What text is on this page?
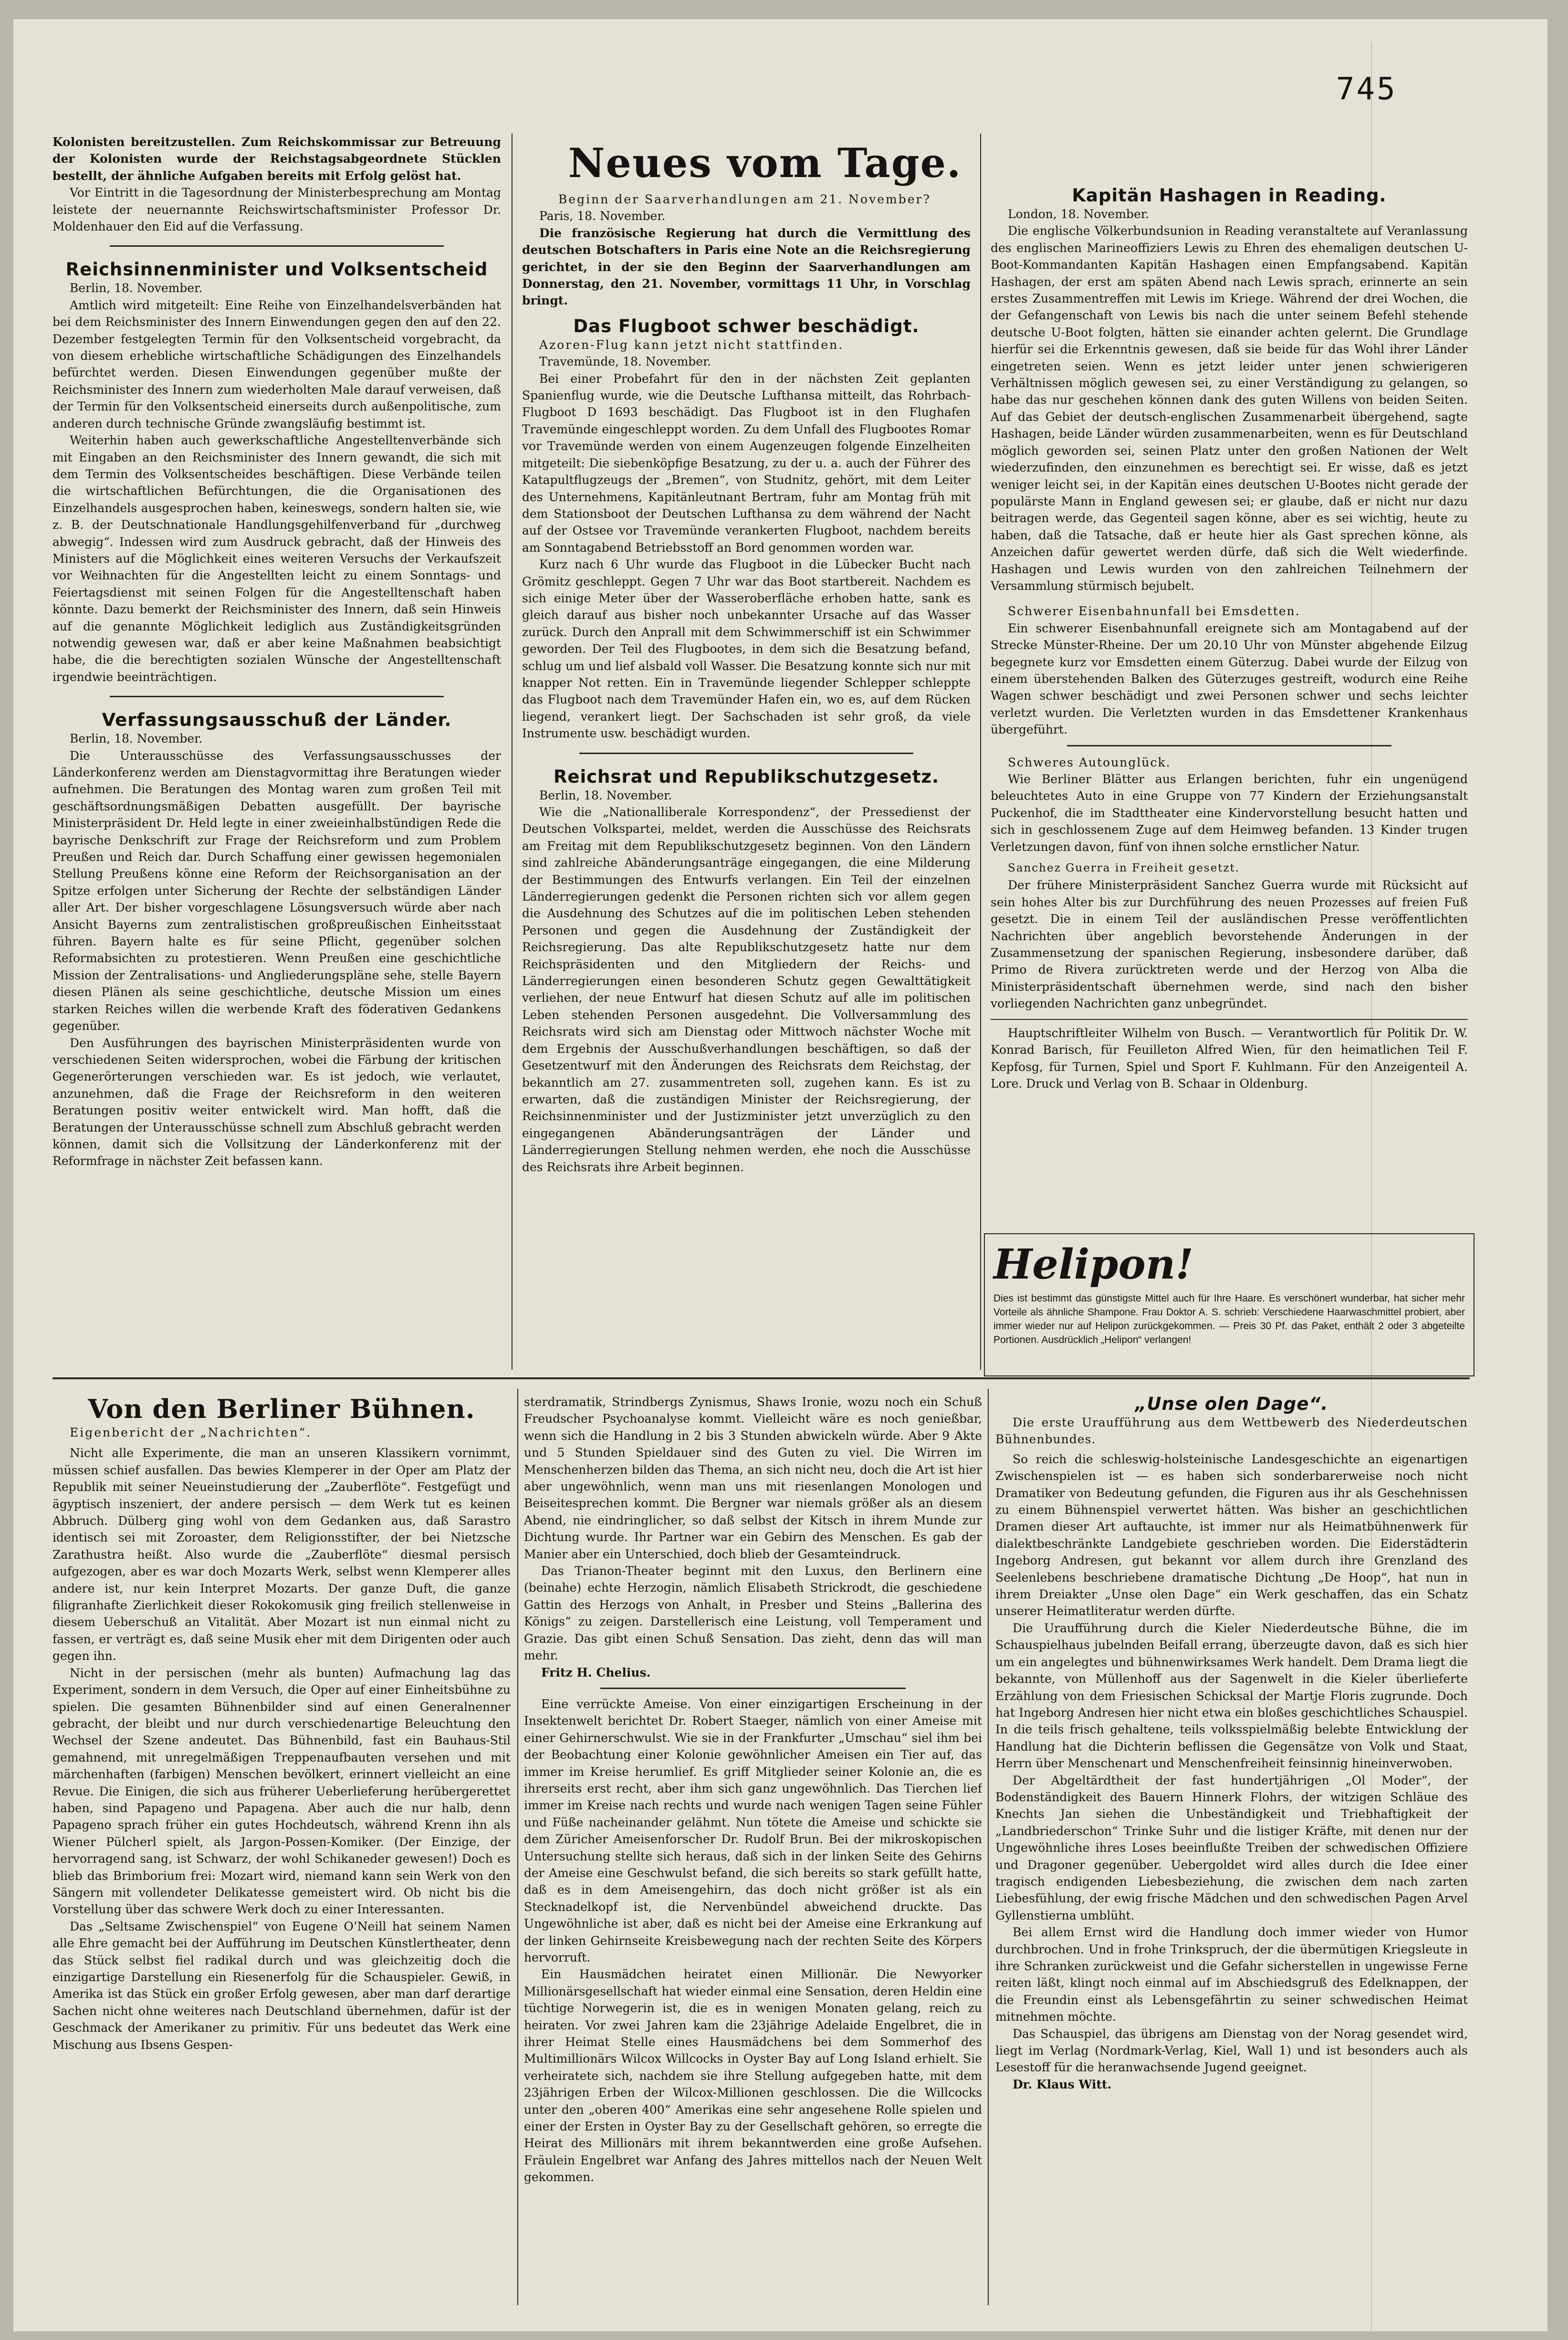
745

Kolonisten bereitzustellen. Zum Reichskommissar zur Betreuung der Kolonisten wurde der Reichstagsabgeordnete Stücklen bestellt, der ähnliche Aufgaben bereits mit Erfolg gelöst hat.

Vor Eintritt in die Tagesordnung der Ministerbesprechung am Montag leistete der neuernannte Reichswirtschaftsminister Professor Dr. Moldenhauer den Eid auf die Verfassung.

Reichsinnenminister und Volksentscheid

Berlin, 18. November.

Amtlich wird mitgeteilt: Eine Reihe von Einzelhandelsverbänden hat bei dem Reichsminister des Innern Einwendungen gegen den auf den 22. Dezember festgelegten Termin für den Volksentscheid vorgebracht, da von diesem erhebliche wirtschaftliche Schädigungen des Einzelhandels befürchtet werden. Diesen Einwendungen gegenüber mußte der Reichsminister des Innern zum wiederholten Male darauf verweisen, daß der Termin für den Volksentscheid einerseits durch außenpolitische, zum anderen durch technische Gründe zwangsläufig bestimmt ist.

Weiterhin haben auch gewerkschaftliche Angestelltenverbände sich mit Eingaben an den Reichsminister des Innern gewandt, die sich mit dem Termin des Volksentscheides beschäftigen. Diese Verbände teilen die wirtschaftlichen Befürchtungen, die die Organisationen des Einzelhandels ausgesprochen haben, keineswegs, sondern halten sie, wie z. B. der Deutschnationale Handlungsgehilfenverband für „durchweg abwegig“. Indessen wird zum Ausdruck gebracht, daß der Hinweis des Ministers auf die Möglichkeit eines weiteren Versuchs der Verkaufszeit vor Weihnachten für die Angestellten leicht zu einem Sonntags- und Feiertagsdienst mit seinen Folgen für die Angestelltenschaft haben könnte. Dazu bemerkt der Reichsminister des Innern, daß sein Hinweis auf die genannte Möglichkeit lediglich aus Zuständigkeitsgründen notwendig gewesen war, daß er aber keine Maßnahmen beabsichtigt habe, die die berechtigten sozialen Wünsche der Angestelltenschaft irgendwie beeinträchtigen.

Verfassungsausschuß der Länder.

Berlin, 18. November.

Die Unterausschüsse des Verfassungsausschusses der Länderkonferenz werden am Dienstagvormittag ihre Beratungen wieder aufnehmen. Die Beratungen des Montag waren zum großen Teil mit geschäftsordnungsmäßigen Debatten ausgefüllt. Der bayrische Ministerpräsident Dr. Held legte in einer zweieinhalbstündigen Rede die bayrische Denkschrift zur Frage der Reichsreform und zum Problem Preußen und Reich dar. Durch Schaffung einer gewissen hegemonialen Stellung Preußens könne eine Reform der Reichsorganisation an der Spitze erfolgen unter Sicherung der Rechte der selbständigen Länder aller Art. Der bisher vorgeschlagene Lösungsversuch würde aber nach Ansicht Bayerns zum zentralistischen großpreußischen Einheitsstaat führen. Bayern halte es für seine Pflicht, gegenüber solchen Reformabsichten zu protestieren. Wenn Preußen eine geschichtliche Mission der Zentralisations- und Angliederungspläne sehe, stelle Bayern diesen Plänen als seine geschichtliche, deutsche Mission um eines starken Reiches willen die werbende Kraft des föderativen Gedankens gegenüber.

Den Ausführungen des bayrischen Ministerpräsidenten wurde von verschiedenen Seiten widersprochen, wobei die Färbung der kritischen Gegenerörterungen verschieden war. Es ist jedoch, wie verlautet, anzunehmen, daß die Frage der Reichsreform in den weiteren Beratungen positiv weiter entwickelt wird. Man hofft, daß die Beratungen der Unterausschüsse schnell zum Abschluß gebracht werden können, damit sich die Vollsitzung der Länderkonferenz mit der Reformfrage in nächster Zeit befassen kann.

Neues vom Tage.

Beginn der Saarverhandlungen am 21. November?

Paris, 18. November.

Die französische Regierung hat durch die Vermittlung des deutschen Botschafters in Paris eine Note an die Reichsregierung gerichtet, in der sie den Beginn der Saarverhandlungen am Donnerstag, den 21. November, vormittags 11 Uhr, in Vorschlag bringt.

Das Flugboot schwer beschädigt.

Azoren-Flug kann jetzt nicht stattfinden.

Travemünde, 18. November.

Bei einer Probefahrt für den in der nächsten Zeit geplanten Spanienflug wurde, wie die Deutsche Lufthansa mitteilt, das Rohrbach-Flugboot D 1693 beschädigt. Das Flugboot ist in den Flughafen Travemünde eingeschleppt worden. Zu dem Unfall des Flugbootes Romar vor Travemünde werden von einem Augenzeugen folgende Einzelheiten mitgeteilt: Die siebenköpfige Besatzung, zu der u. a. auch der Führer des Katapultflugzeugs der „Bremen“, von Studnitz, gehört, mit dem Leiter des Unternehmens, Kapitänleutnant Bertram, fuhr am Montag früh mit dem Stationsboot der Deutschen Lufthansa zu dem während der Nacht auf der Ostsee vor Travemünde verankerten Flugboot, nachdem bereits am Sonntagabend Betriebsstoff an Bord genommen worden war.

Kurz nach 6 Uhr wurde das Flugboot in die Lübecker Bucht nach Grömitz geschleppt. Gegen 7 Uhr war das Boot startbereit. Nachdem es sich einige Meter über der Wasseroberfläche erhoben hatte, sank es gleich darauf aus bisher noch unbekannter Ursache auf das Wasser zurück. Durch den Anprall mit dem Schwimmerschiff ist ein Schwimmer geworden. Der Teil des Flugbootes, in dem sich die Besatzung befand, schlug um und lief alsbald voll Wasser. Die Besatzung konnte sich nur mit knapper Not retten. Ein in Travemünde liegender Schlepper schleppte das Flugboot nach dem Travemünder Hafen ein, wo es, auf dem Rücken liegend, verankert liegt. Der Sachschaden ist sehr groß, da viele Instrumente usw. beschädigt wurden.

Reichsrat und Republikschutzgesetz.

Berlin, 18. November.

Wie die „Nationalliberale Korrespondenz“, der Pressedienst der Deutschen Volkspartei, meldet, werden die Ausschüsse des Reichsrats am Freitag mit dem Republikschutzgesetz beginnen. Von den Ländern sind zahlreiche Abänderungsanträge eingegangen, die eine Milderung der Bestimmungen des Entwurfs verlangen. Ein Teil der einzelnen Länderregierungen gedenkt die Personen richten sich vor allem gegen die Ausdehnung des Schutzes auf die im politischen Leben stehenden Personen und gegen die Ausdehnung der Zuständigkeit der Reichsregierung. Das alte Republikschutzgesetz hatte nur dem Reichspräsidenten und den Mitgliedern der Reichs- und Länderregierungen einen besonderen Schutz gegen Gewalttätigkeit verliehen, der neue Entwurf hat diesen Schutz auf alle im politischen Leben stehenden Personen ausgedehnt. Die Vollversammlung des Reichsrats wird sich am Dienstag oder Mittwoch nächster Woche mit dem Ergebnis der Ausschußverhandlungen beschäftigen, so daß der Gesetzentwurf mit den Änderungen des Reichsrats dem Reichstag, der bekanntlich am 27. zusammentreten soll, zugehen kann. Es ist zu erwarten, daß die zuständigen Minister der Reichsregierung, der Reichsinnenminister und der Justizminister jetzt unverzüglich zu den eingegangenen Abänderungsanträgen der Länder und Länderregierungen Stellung nehmen werden, ehe noch die Ausschüsse des Reichsrats ihre Arbeit beginnen.

Kapitän Hashagen in Reading.

London, 18. November.

Die englische Völkerbundsunion in Reading veranstaltete auf Veranlassung des englischen Marineoffiziers Lewis zu Ehren des ehemaligen deutschen U-Boot-Kommandanten Kapitän Hashagen einen Empfangsabend. Kapitän Hashagen, der erst am späten Abend nach Lewis sprach, erinnerte an sein erstes Zusammentreffen mit Lewis im Kriege. Während der drei Wochen, die der Gefangenschaft von Lewis bis nach die unter seinem Befehl stehende deutsche U-Boot folgten, hätten sie einander achten gelernt. Die Grundlage hierfür sei die Erkenntnis gewesen, daß sie beide für das Wohl ihrer Länder eingetreten seien. Wenn es jetzt leider unter jenen schwierigeren Verhältnissen möglich gewesen sei, zu einer Verständigung zu gelangen, so habe das nur geschehen können dank des guten Willens von beiden Seiten. Auf das Gebiet der deutsch-englischen Zusammenarbeit übergehend, sagte Hashagen, beide Länder würden zusammenarbeiten, wenn es für Deutschland möglich geworden sei, seinen Platz unter den großen Nationen der Welt wiederzufinden, den einzunehmen es berechtigt sei. Er wisse, daß es jetzt weniger leicht sei, in der Kapitän eines deutschen U-Bootes nicht gerade der populärste Mann in England gewesen sei; er glaube, daß er nicht nur dazu beitragen werde, das Gegenteil sagen könne, aber es sei wichtig, heute zu haben, daß die Tatsache, daß er heute hier als Gast sprechen könne, als Anzeichen dafür gewertet werden dürfe, daß sich die Welt wiederfinde. Hashagen und Lewis wurden von den zahlreichen Teilnehmern der Versammlung stürmisch bejubelt.

Schwerer Eisenbahnunfall bei Emsdetten.

Ein schwerer Eisenbahnunfall ereignete sich am Montagabend auf der Strecke Münster-Rheine. Der um 20.10 Uhr von Münster abgehende Eilzug begegnete kurz vor Emsdetten einem Güterzug. Dabei wurde der Eilzug von einem überstehenden Balken des Güterzuges gestreift, wodurch eine Reihe Wagen schwer beschädigt und zwei Personen schwer und sechs leichter verletzt wurden. Die Verletzten wurden in das Emsdettener Krankenhaus übergeführt.

Schweres Autounglück.

Wie Berliner Blätter aus Erlangen berichten, fuhr ein ungenügend beleuchtetes Auto in eine Gruppe von 77 Kindern der Erziehungsanstalt Puckenhof, die im Stadttheater eine Kindervorstellung besucht hatten und sich in geschlossenem Zuge auf dem Heimweg befanden. 13 Kinder trugen Verletzungen davon, fünf von ihnen solche ernstlicher Natur.

Sanchez Guerra in Freiheit gesetzt.

Der frühere Ministerpräsident Sanchez Guerra wurde mit Rücksicht auf sein hohes Alter bis zur Durchführung des neuen Prozesses auf freien Fuß gesetzt. Die in einem Teil der ausländischen Presse veröffentlichten Nachrichten über angeblich bevorstehende Änderungen in der Zusammensetzung der spanischen Regierung, insbesondere darüber, daß Primo de Rivera zurücktreten werde und der Herzog von Alba die Ministerpräsidentschaft übernehmen werde, sind nach den bisher vorliegenden Nachrichten ganz unbegründet.

Hauptschriftleiter Wilhelm von Busch. — Verantwortlich für Politik Dr. W. Konrad Barisch, für Feuilleton Alfred Wien, für den heimatlichen Teil F. Kepfosg, für Turnen, Spiel und Sport F. Kuhlmann. Für den Anzeigenteil A. Lore. Druck und Verlag von B. Schaar in Oldenburg.

Helipon!

Dies ist bestimmt das günstigste Mittel auch für Ihre Haare. Es verschönert wunderbar, hat sicher mehr Vorteile als ähnliche Shampone. Frau Doktor A. S. schrieb: Verschiedene Haarwaschmittel probiert, aber immer wieder nur auf Helipon zurückgekommen. — Preis 30 Pf. das Paket, enthält 2 oder 3 abgeteilte Portionen. Ausdrücklich „Helipon“ verlangen!

Von den Berliner Bühnen.

Eigenbericht der „Nachrichten“.

Nicht alle Experimente, die man an unseren Klassikern vornimmt, müssen schief ausfallen. Das bewies Klemperer in der Oper am Platz der Republik mit seiner Neueinstudierung der „Zauberflöte“. Festgefügt und ägyptisch inszeniert, der andere persisch — dem Werk tut es keinen Abbruch. Dülberg ging wohl von dem Gedanken aus, daß Sarastro identisch sei mit Zoroaster, dem Religionsstifter, der bei Nietzsche Zarathustra heißt. Also wurde die „Zauberflöte“ diesmal persisch aufgezogen, aber es war doch Mozarts Werk, selbst wenn Klemperer alles andere ist, nur kein Interpret Mozarts. Der ganze Duft, die ganze filigranhafte Zierlichkeit dieser Rokokomusik ging freilich stellenweise in diesem Ueberschuß an Vitalität. Aber Mozart ist nun einmal nicht zu fassen, er verträgt es, daß seine Musik eher mit dem Dirigenten oder auch gegen ihn.

Nicht in der persischen (mehr als bunten) Aufmachung lag das Experiment, sondern in dem Versuch, die Oper auf einer Einheitsbühne zu spielen. Die gesamten Bühnenbilder sind auf einen Generalnenner gebracht, der bleibt und nur durch verschiedenartige Beleuchtung den Wechsel der Szene andeutet. Das Bühnenbild, fast ein Bauhaus-Stil gemahnend, mit unregelmäßigen Treppenaufbauten versehen und mit märchenhaften (farbigen) Menschen bevölkert, erinnert vielleicht an eine Revue. Die Einigen, die sich aus früherer Ueberlieferung herübergerettet haben, sind Papageno und Papagena. Aber auch die nur halb, denn Papageno sprach früher ein gutes Hochdeutsch, während Krenn ihn als Wiener Pülcherl spielt, als Jargon-Possen-Komiker. (Der Einzige, der hervorragend sang, ist Schwarz, der wohl Schikaneder gewesen!) Doch es blieb das Brimborium frei: Mozart wird, niemand kann sein Werk von den Sängern mit vollendeter Delikatesse gemeistert wird. Ob nicht bis die Vorstellung über das schwere Werk doch zu einer Interessanten.

Das „Seltsame Zwischenspiel“ von Eugene O’Neill hat seinem Namen alle Ehre gemacht bei der Aufführung im Deutschen Künstlertheater, denn das Stück selbst fiel radikal durch und was gleichzeitig doch die einzigartige Darstellung ein Riesenerfolg für die Schauspieler. Gewiß, in Amerika ist das Stück ein großer Erfolg gewesen, aber man darf derartige Sachen nicht ohne weiteres nach Deutschland übernehmen, dafür ist der Geschmack der Amerikaner zu primitiv. Für uns bedeutet das Werk eine Mischung aus Ibsens Gespen-

sterdramatik, Strindbergs Zynismus, Shaws Ironie, wozu noch ein Schuß Freudscher Psychoanalyse kommt. Vielleicht wäre es noch genießbar, wenn sich die Handlung in 2 bis 3 Stunden abwickeln würde. Aber 9 Akte und 5 Stunden Spieldauer sind des Guten zu viel. Die Wirren im Menschenherzen bilden das Thema, an sich nicht neu, doch die Art ist hier aber ungewöhnlich, wenn man uns mit riesenlangen Monologen und Beiseitesprechen kommt. Die Bergner war niemals größer als an diesem Abend, nie eindringlicher, so daß selbst der Kitsch in ihrem Munde zur Dichtung wurde. Ihr Partner war ein Gebirn des Menschen. Es gab der Manier aber ein Unterschied, doch blieb der Gesamteindruck.

Das Trianon-Theater beginnt mit den Luxus, den Berlinern eine (beinahe) echte Herzogin, nämlich Elisabeth Strickrodt, die geschiedene Gattin des Herzogs von Anhalt, in Presber und Steins „Ballerina des Königs“ zu zeigen. Darstellerisch eine Leistung, voll Temperament und Grazie. Das gibt einen Schuß Sensation. Das zieht, denn das will man mehr.

Fritz H. Chelius.

Eine verrückte Ameise. Von einer einzigartigen Erscheinung in der Insektenwelt berichtet Dr. Robert Staeger, nämlich von einer Ameise mit einer Gehirnerschwulst. Wie sie in der Frankfurter „Umschau“ siel ihm bei der Beobachtung einer Kolonie gewöhnlicher Ameisen ein Tier auf, das immer im Kreise herumlief. Es griff Mitglieder seiner Kolonie an, die es ihrerseits erst recht, aber ihm sich ganz ungewöhnlich. Das Tierchen lief immer im Kreise nach rechts und wurde nach wenigen Tagen seine Fühler und Füße nacheinander gelähmt. Nun tötete die Ameise und schickte sie dem Züricher Ameisenforscher Dr. Rudolf Brun. Bei der mikroskopischen Untersuchung stellte sich heraus, daß sich in der linken Seite des Gehirns der Ameise eine Geschwulst befand, die sich bereits so stark gefüllt hatte, daß es in dem Ameisengehirn, das doch nicht größer ist als ein Stecknadelkopf ist, die Nervenbündel abweichend druckte. Das Ungewöhnliche ist aber, daß es nicht bei der Ameise eine Erkrankung auf der linken Gehirnseite Kreisbewegung nach der rechten Seite des Körpers hervorruft.

Ein Hausmädchen heiratet einen Millionär. Die Newyorker Millionärsgesellschaft hat wieder einmal eine Sensation, deren Heldin eine tüchtige Norwegerin ist, die es in wenigen Monaten gelang, reich zu heiraten. Vor zwei Jahren kam die 23jährige Adelaide Engelbret, die in ihrer Heimat Stelle eines Hausmädchens bei dem Sommerhof des Multimillionärs Wilcox Willcocks in Oyster Bay auf Long Island erhielt. Sie verheiratete sich, nachdem sie ihre Stellung aufgegeben hatte, mit dem 23jährigen Erben der Wilcox-Millionen geschlossen. Die die Willcocks unter den „oberen 400“ Amerikas eine sehr angesehene Rolle spielen und einer der Ersten in Oyster Bay zu der Gesellschaft gehören, so erregte die Heirat des Millionärs mit ihrem bekanntwerden eine große Aufsehen. Fräulein Engelbret war Anfang des Jahres mittellos nach der Neuen Welt gekommen.

„Unse olen Dage“.

Die erste Uraufführung aus dem Wettbewerb des Niederdeutschen Bühnenbundes.

So reich die schleswig-holsteinische Landesgeschichte an eigenartigen Zwischenspielen ist — es haben sich sonderbarerweise noch nicht Dramatiker von Bedeutung gefunden, die Figuren aus ihr als Geschehnissen zu einem Bühnenspiel verwertet hätten. Was bisher an geschichtlichen Dramen dieser Art auftauchte, ist immer nur als Heimatbühnenwerk für dialektbeschränkte Landgebiete geschrieben worden. Die Eiderstädterin Ingeborg Andresen, gut bekannt vor allem durch ihre Grenzland des Seelenlebens beschriebene dramatische Dichtung „De Hoop“, hat nun in ihrem Dreiakter „Unse olen Dage“ ein Werk geschaffen, das ein Schatz unserer Heimatliteratur werden dürfte.

Die Uraufführung durch die Kieler Niederdeutsche Bühne, die im Schauspielhaus jubelnden Beifall errang, überzeugte davon, daß es sich hier um ein angelegtes und bühnenwirksames Werk handelt. Dem Drama liegt die bekannte, von Müllenhoff aus der Sagenwelt in die Kieler überlieferte Erzählung von dem Friesischen Schicksal der Martje Floris zugrunde. Doch hat Ingeborg Andresen hier nicht etwa ein bloßes geschichtliches Schauspiel. In die teils frisch gehaltene, teils volksspielmäßig belebte Entwicklung der Handlung hat die Dichterin beflissen die Gegensätze von Volk und Staat, Herrn über Menschenart und Menschenfreiheit feinsinnig hineinverwoben.

Der Abgeltärdtheit der fast hundertjährigen „Ol Moder“, der Bodenständigkeit des Bauern Hinnerk Flohrs, der witzigen Schläue des Knechts Jan siehen die Unbeständigkeit und Triebhaftigkeit der „Landbriederschon“ Trinke Suhr und die listiger Kräfte, mit denen nur der Ungewöhnliche ihres Loses beeinflußte Treiben der schwedischen Offiziere und Dragoner gegenüber. Uebergoldet wird alles durch die Idee einer tragisch endigenden Liebesbeziehung, die zwischen dem nach zarten Liebesfühlung, der ewig frische Mädchen und den schwedischen Pagen Arvel Gyllenstierna umblüht.

Bei allem Ernst wird die Handlung doch immer wieder von Humor durchbrochen. Und in frohe Trinkspruch, der die übermütigen Kriegsleute in ihre Schranken zurückweist und die Gefahr sicherstellen in ungewisse Ferne reiten läßt, klingt noch einmal auf im Abschiedsgruß des Edelknappen, der die Freundin einst als Lebensgefährtin zu seiner schwedischen Heimat mitnehmen möchte.

Das Schauspiel, das übrigens am Dienstag von der Norag gesendet wird, liegt im Verlag (Nordmark-Verlag, Kiel, Wall 1) und ist besonders auch als Lesestoff für die heranwachsende Jugend geeignet.

Dr. Klaus Witt.
